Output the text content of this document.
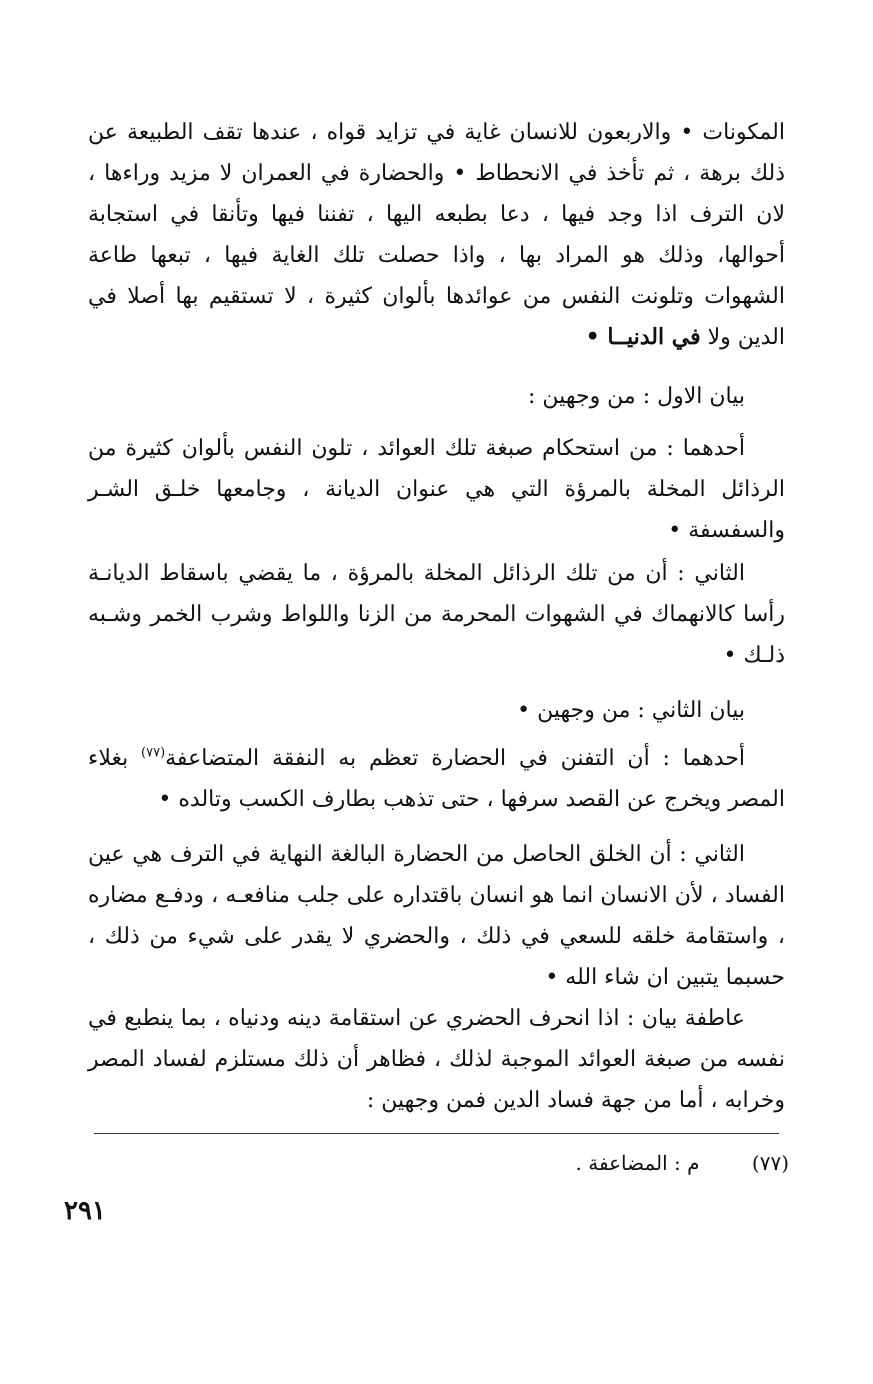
المكونات • والاربعون للانسان غاية في تزايد قواه ، عندها تقف الطبيعة عن ذلك برهة ، ثم تأخذ في الانحطاط • والحضارة في العمران لا مزيد وراءها ، لان الترف اذا وجد فيها ، دعا بطبعه اليها ، تفننا فيها وتأنقا في استجابة أحوالها، وذلك هو المراد بها ، واذا حصلت تلك الغاية فيها ، تبعها طاعة الشهوات وتلونت النفس من عوائدها بألوان كثيرة ، لا تستقيم بها أصلا في الدين ولا في الدنيــا •

بيان الاول : من وجهين :

أحدهما : من استحكام صبغة تلك العوائد ، تلون النفس بألوان كثيرة من الرذائل المخلة بالمرؤة التي هي عنوان الديانة ، وجامعها خلـق الشـر والسفسفة •

الثاني : أن من تلك الرذائل المخلة بالمرؤة ، ما يقضي باسقاط الديانـة رأسا كالانهماك في الشهوات المحرمة من الزنا واللواط وشرب الخمر وشـبه ذلـك •

بيان الثاني : من وجهين •

أحدهما : أن التفنن في الحضارة تعظم به النفقة المتضاعفة$^{(٧٧)}$ بغلاء المصر ويخرج عن القصد سرفها ، حتى تذهب بطارف الكسب وتالده •

الثاني : أن الخلق الحاصل من الحضارة البالغة النهاية في الترف هي عين الفساد ، لأن الانسان انما هو انسان باقتداره على جلب منافعـه ، ودفـع مضاره ، واستقامة خلقه للسعي في ذلك ، والحضري لا يقدر على شيء من ذلك ، حسبما يتبين ان شاء الله •

عاطفة بيان : اذا انحرف الحضري عن استقامة دينه ودنياه ، بما ينطبع في نفسه من صبغة العوائد الموجبة لذلك ، فظاهر أن ذلك مستلزم لفساد المصر وخرابه ، أما من جهة فساد الدين فمن وجهين :

(٧٧) م : المضاعفة .
٢٩١
